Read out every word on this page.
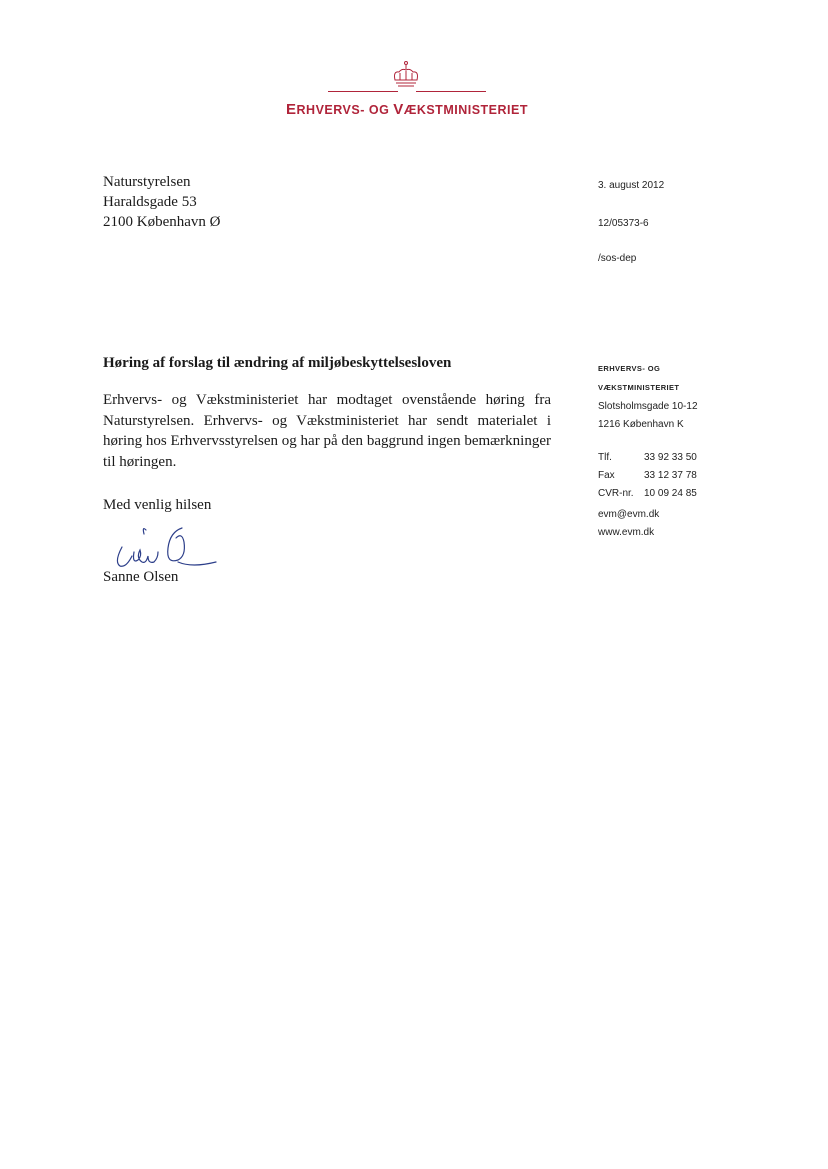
ERHVERVS- OG VÆKSTMINISTERIET
Naturstyrelsen
Haraldsgade 53
2100 København Ø
3. august 2012
12/05373-6
/sos-dep
Høring af forslag til ændring af miljøbeskyttelsesloven
Erhvervs- og Vækstministeriet har modtaget ovenstående høring fra Naturstyrelsen. Erhvervs- og Vækstministeriet har sendt materialet i høring hos Erhvervsstyrelsen og har på den baggrund ingen bemærkninger til høringen.
Med venlig hilsen
Sanne Olsen
ERHVERVS- OG
VÆKSTMINISTERIET
Slotsholmsgade 10-12
1216 København K
Tlf.	33 92 33 50
Fax	33 12 37 78
CVR-nr. 10 09 24 85
evm@evm.dk
www.evm.dk
